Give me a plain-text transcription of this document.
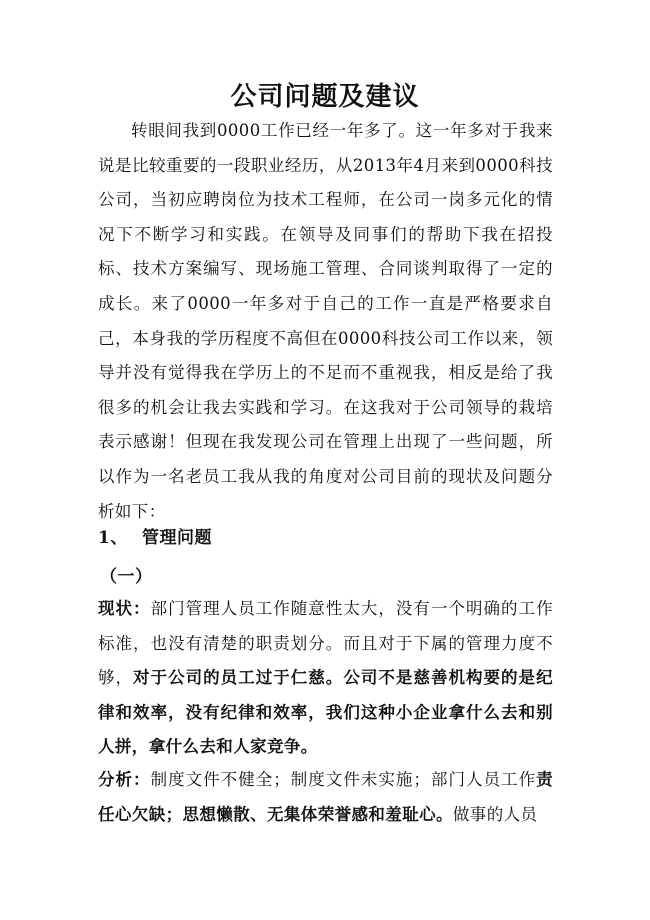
公司问题及建议
转眼间我到0000工作已经一年多了。这一年多对于我来说是比较重要的一段职业经历，从2013年4月来到0000科技公司，当初应聘岗位为技术工程师，在公司一岗多元化的情况下不断学习和实践。在领导及同事们的帮助下我在招投标、技术方案编写、现场施工管理、合同谈判取得了一定的成长。来了0000一年多对于自己的工作一直是严格要求自己，本身我的学历程度不高但在0000科技公司工作以来，领导并没有觉得我在学历上的不足而不重视我，相反是给了我很多的机会让我去实践和学习。在这我对于公司领导的栽培表示感谢！但现在我发现公司在管理上出现了一些问题，所以作为一名老员工我从我的角度对公司目前的现状及问题分析如下：
1、 管理问题
（一）
现状：部门管理人员工作随意性太大，没有一个明确的工作标准，也没有清楚的职责划分。而且对于下属的管理力度不够，对于公司的员工过于仁慈。公司不是慈善机构要的是纪律和效率，没有纪律和效率，我们这种小企业拿什么去和别人拼，拿什么去和人家竞争。
分析：制度文件不健全；制度文件未实施；部门人员工作责任心欠缺；思想懒散、无集体荣誉感和羞耻心。做事的人员
